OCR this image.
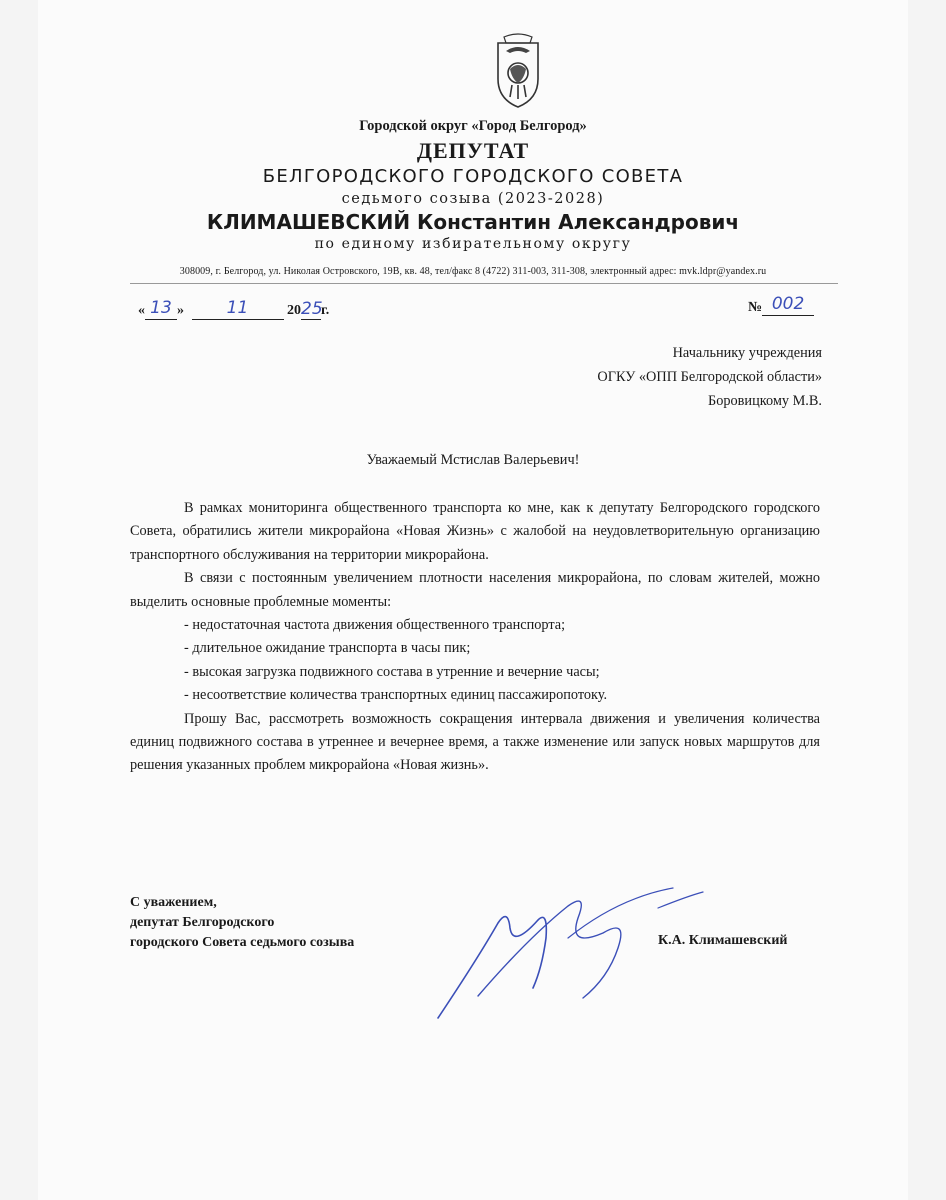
Городской округ «Город Белгород»
ДЕПУТАТ
БЕЛГОРОДСКОГО ГОРОДСКОГО СОВЕТА
седьмого созыва (2023-2028)
КЛИМАШЕВСКИЙ Константин Александрович
по единому избирательному округу
308009, г. Белгород, ул. Николая Островского, 19В, кв. 48, тел/факс 8 (4722) 311-003, 311-308, электронный адрес: mvk.ldpr@yandex.ru
« 13 »	11	2025г.	№ 002
Начальнику учреждения
ОГКУ «ОПП Белгородской области»
Боровицкому М.В.
Уважаемый Мстислав Валерьевич!

В рамках мониторинга общественного транспорта ко мне, как к депутату Белгородского городского Совета, обратились жители микрорайона «Новая Жизнь» с жалобой на неудовлетворительную организацию транспортного обслуживания на территории микрорайона.

В связи с постоянным увеличением плотности населения микрорайона, по словам жителей, можно выделить основные проблемные моменты:

- недостаточная частота движения общественного транспорта;
- длительное ожидание транспорта в часы пик;
- высокая загрузка подвижного состава в утренние и вечерние часы;
- несоответствие количества транспортных единиц пассажиропотоку.

Прошу Вас, рассмотреть возможность сокращения интервала движения и увеличения количества единиц подвижного состава в утреннее и вечернее время, а также изменение или запуск новых маршрутов для решения указанных проблем микрорайона «Новая жизнь».

С уважением,
депутат Белгородского
городского Совета седьмого созыва	К.А. Климашевский
